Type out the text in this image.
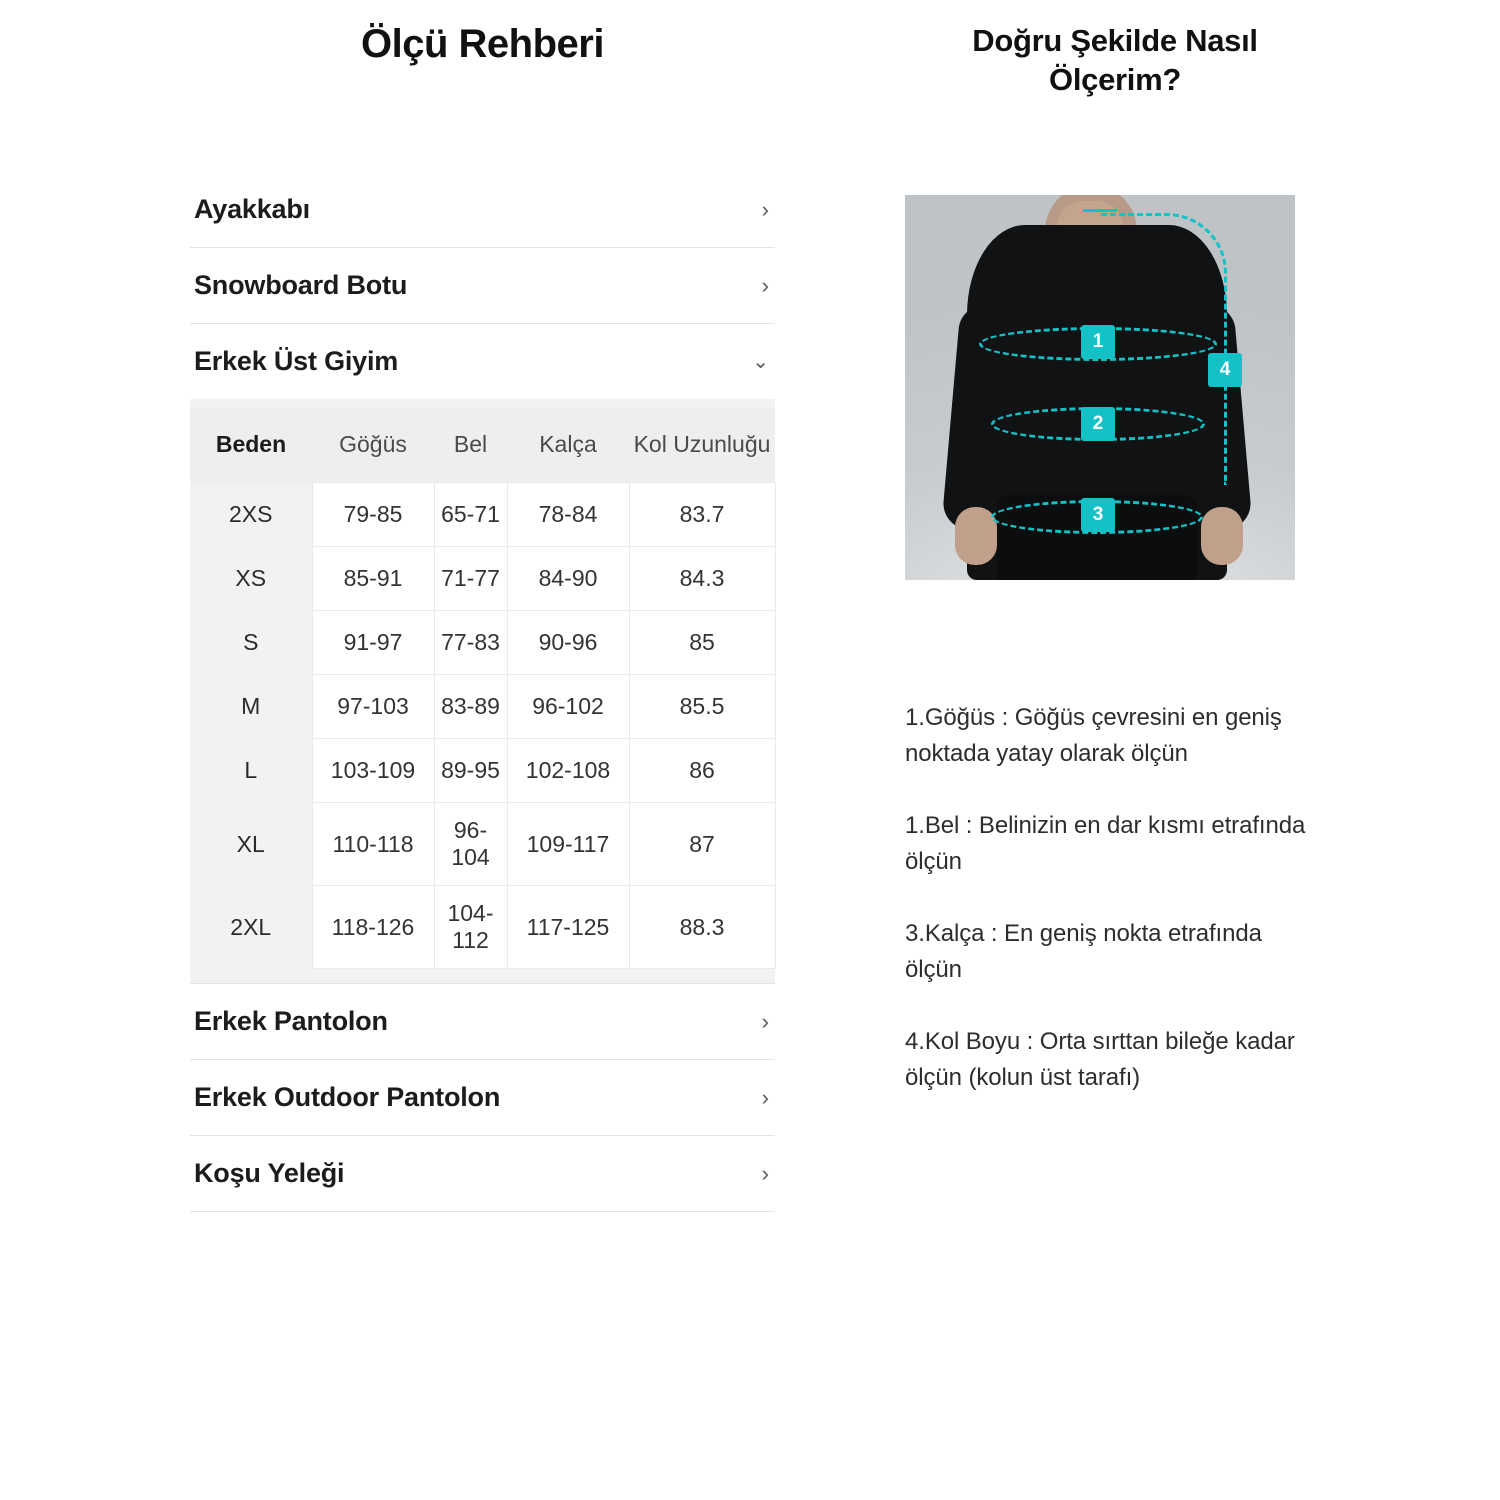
Ölçü Rehberi
Ayakkabı	›
Snowboard Botu	›
Erkek Üst Giyim	⌄
Beden	Göğüs	Bel	Kalça	Kol Uzunluğu
2XS	79-85	65-71	78-84	83.7
XS	85-91	71-77	84-90	84.3
S	91-97	77-83	90-96	85
M	97-103	83-89	96-102	85.5
L	103-109	89-95	102-108	86
XL	110-118	96-104	109-117	87
2XL	118-126	104-112	117-125	88.3
Erkek Pantolon	›
Erkek Outdoor Pantolon	›
Koşu Yeleği	›
Doğru Şekilde Nasıl Ölçerim?
1
2
3
4
1.Göğüs : Göğüs çevresini en geniş noktada yatay olarak ölçün
1.Bel : Belinizin en dar kısmı etrafında ölçün
3.Kalça : En geniş nokta etrafında ölçün
4.Kol Boyu : Orta sırttan bileğe kadar ölçün (kolun üst tarafı)
